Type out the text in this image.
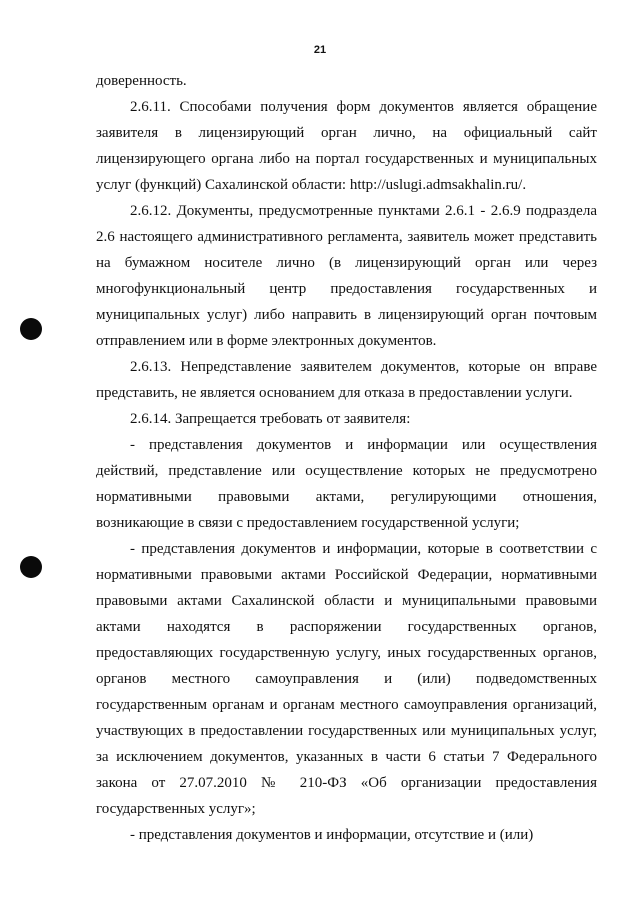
21

доверенность.

2.6.11. Способами получения форм документов является обращение заявителя в лицензирующий орган лично, на официальный сайт лицензирующего органа либо на портал государственных и муниципальных услуг (функций) Сахалинской области: http://uslugi.admsakhalin.ru/.

2.6.12. Документы, предусмотренные пунктами 2.6.1 - 2.6.9 подраздела 2.6 настоящего административного регламента, заявитель может представить на бумажном носителе лично (в лицензирующий орган или через многофункциональный центр предоставления государственных и муниципальных услуг) либо направить в лицензирующий орган почтовым отправлением или в форме электронных документов.

2.6.13. Непредставление заявителем документов, которые он вправе представить, не является основанием для отказа в предоставлении услуги.

2.6.14. Запрещается требовать от заявителя:

- представления документов и информации или осуществления действий, представление или осуществление которых не предусмотрено нормативными правовыми актами, регулирующими отношения, возникающие в связи с предоставлением государственной услуги;

- представления документов и информации, которые в соответствии с нормативными правовыми актами Российской Федерации, нормативными правовыми актами Сахалинской области и муниципальными правовыми актами находятся в распоряжении государственных органов, предоставляющих государственную услугу, иных государственных органов, органов местного самоуправления и (или) подведомственных государственным органам и органам местного самоуправления организаций, участвующих в предоставлении государственных или муниципальных услуг, за исключением документов, указанных в части 6 статьи 7 Федерального закона от 27.07.2010 № 210-ФЗ «Об организации предоставления государственных услуг»;

- представления документов и информации, отсутствие и (или)
